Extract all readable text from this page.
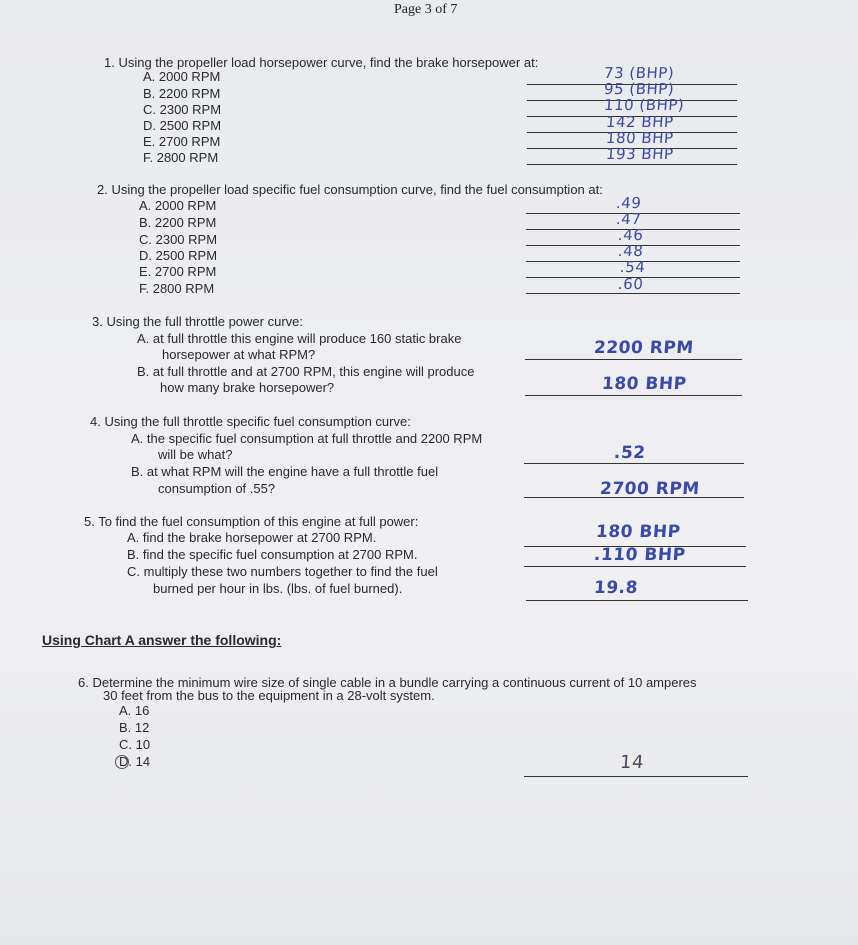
Page 3 of 7
1. Using the propeller load horsepower curve, find the brake horsepower at:
A. 2000 RPM
B. 2200 RPM
C. 2300 RPM
D. 2500 RPM
E. 2700 RPM
F. 2800 RPM
73 (BHP)
95 (BHP)
110 (BHP)
142 BHP
180 BHP
193 BHP
2. Using the propeller load specific fuel consumption curve, find the fuel consumption at:
A. 2000 RPM
B. 2200 RPM
C. 2300 RPM
D. 2500 RPM
E. 2700 RPM
F. 2800 RPM
.49
.47
.46
.48
.54
.60
3. Using the full throttle power curve:
A. at full throttle this engine will produce 160 static brake
horsepower at what RPM?
B. at full throttle and at 2700 RPM, this engine will produce
how many brake horsepower?
2200 RPM
180 BHP
4. Using the full throttle specific fuel consumption curve:
A. the specific fuel consumption at full throttle and 2200 RPM
will be what?
B. at what RPM will the engine have a full throttle fuel
consumption of .55?
.52
2700 RPM
5. To find the fuel consumption of this engine at full power:
A. find the brake horsepower at 2700 RPM.
B. find the specific fuel consumption at 2700 RPM.
C. multiply these two numbers together to find the fuel
burned per hour in lbs. (lbs. of fuel burned).
180 BHP
.110 BHP
19.8
Using Chart A answer the following:
6. Determine the minimum wire size of single cable in a bundle carrying a continuous current of 10 amperes
30 feet from the bus to the equipment in a 28-volt system.
A. 16
B. 12
C. 10
D. 14	14
